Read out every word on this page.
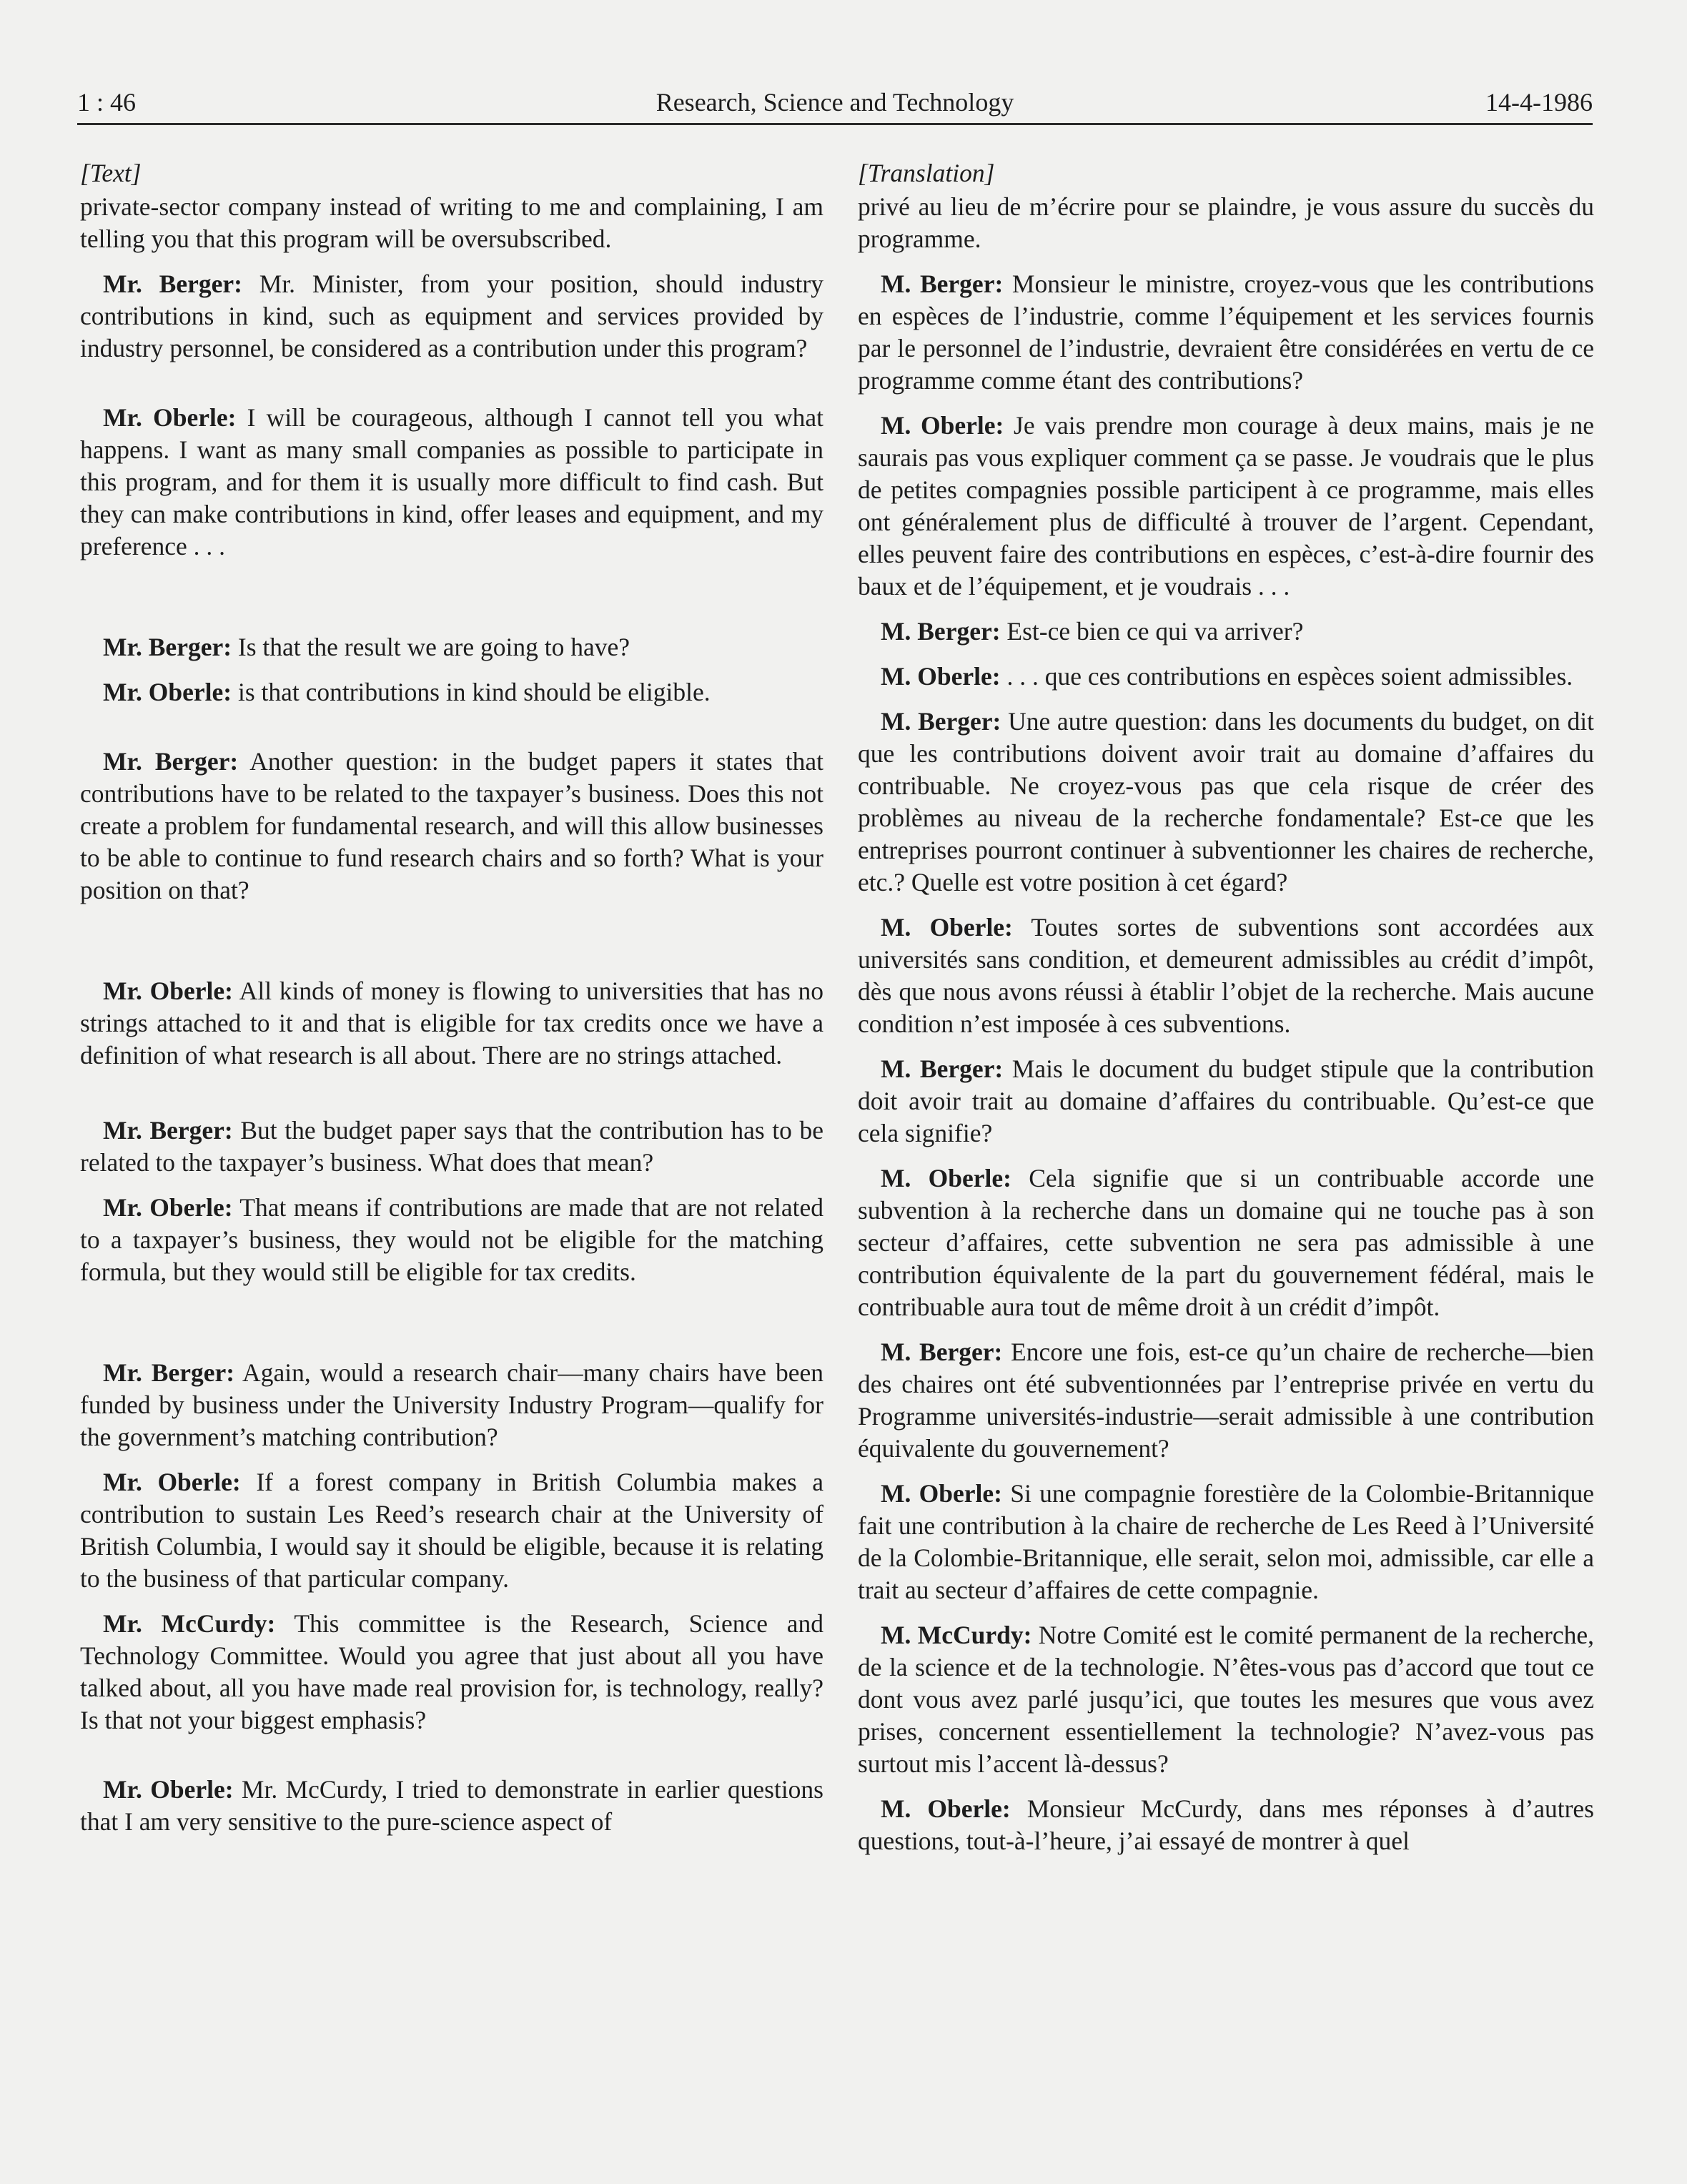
1 : 46	Research, Science and Technology	14-4-1986
[Text]

private-sector company instead of writing to me and complaining, I am telling you that this program will be oversubscribed.

Mr. Berger: Mr. Minister, from your position, should industry contributions in kind, such as equipment and services provided by industry personnel, be considered as a contribution under this program?

Mr. Oberle: I will be courageous, although I cannot tell you what happens. I want as many small companies as possible to participate in this program, and for them it is usually more difficult to find cash. But they can make contributions in kind, offer leases and equipment, and my preference . . .

Mr. Berger: Is that the result we are going to have?

Mr. Oberle: is that contributions in kind should be eligible.

Mr. Berger: Another question: in the budget papers it states that contributions have to be related to the taxpayer’s business. Does this not create a problem for fundamental research, and will this allow businesses to be able to continue to fund research chairs and so forth? What is your position on that?

Mr. Oberle: All kinds of money is flowing to universities that has no strings attached to it and that is eligible for tax credits once we have a definition of what research is all about. There are no strings attached.

Mr. Berger: But the budget paper says that the contribution has to be related to the taxpayer’s business. What does that mean?

Mr. Oberle: That means if contributions are made that are not related to a taxpayer’s business, they would not be eligible for the matching formula, but they would still be eligible for tax credits.

Mr. Berger: Again, would a research chair—many chairs have been funded by business under the University Industry Program—qualify for the government’s matching contribution?

Mr. Oberle: If a forest company in British Columbia makes a contribution to sustain Les Reed’s research chair at the University of British Columbia, I would say it should be eligible, because it is relating to the business of that particular company.

Mr. McCurdy: This committee is the Research, Science and Technology Committee. Would you agree that just about all you have talked about, all you have made real provision for, is technology, really? Is that not your biggest emphasis?

Mr. Oberle: Mr. McCurdy, I tried to demonstrate in earlier questions that I am very sensitive to the pure-science aspect of

[Translation]

privé au lieu de m’écrire pour se plaindre, je vous assure du succès du programme.

M. Berger: Monsieur le ministre, croyez-vous que les contributions en espèces de l’industrie, comme l’équipement et les services fournis par le personnel de l’industrie, devraient être considérées en vertu de ce programme comme étant des contributions?

M. Oberle: Je vais prendre mon courage à deux mains, mais je ne saurais pas vous expliquer comment ça se passe. Je voudrais que le plus de petites compagnies possible participent à ce programme, mais elles ont généralement plus de difficulté à trouver de l’argent. Cependant, elles peuvent faire des contributions en espèces, c’est-à-dire fournir des baux et de l’équipement, et je voudrais . . .

M. Berger: Est-ce bien ce qui va arriver?

M. Oberle: . . . que ces contributions en espèces soient admissibles.

M. Berger: Une autre question: dans les documents du budget, on dit que les contributions doivent avoir trait au domaine d’affaires du contribuable. Ne croyez-vous pas que cela risque de créer des problèmes au niveau de la recherche fondamentale? Est-ce que les entreprises pourront continuer à subventionner les chaires de recherche, etc.? Quelle est votre position à cet égard?

M. Oberle: Toutes sortes de subventions sont accordées aux universités sans condition, et demeurent admissibles au crédit d’impôt, dès que nous avons réussi à établir l’objet de la recherche. Mais aucune condition n’est imposée à ces subventions.

M. Berger: Mais le document du budget stipule que la contribution doit avoir trait au domaine d’affaires du contribuable. Qu’est-ce que cela signifie?

M. Oberle: Cela signifie que si un contribuable accorde une subvention à la recherche dans un domaine qui ne touche pas à son secteur d’affaires, cette subvention ne sera pas admissible à une contribution équivalente de la part du gouvernement fédéral, mais le contribuable aura tout de même droit à un crédit d’impôt.

M. Berger: Encore une fois, est-ce qu’un chaire de recherche—bien des chaires ont été subventionnées par l’entreprise privée en vertu du Programme universités-industrie—serait admissible à une contribution équivalente du gouvernement?

M. Oberle: Si une compagnie forestière de la Colombie-Britannique fait une contribution à la chaire de recherche de Les Reed à l’Université de la Colombie-Britannique, elle serait, selon moi, admissible, car elle a trait au secteur d’affaires de cette compagnie.

M. McCurdy: Notre Comité est le comité permanent de la recherche, de la science et de la technologie. N’êtes-vous pas d’accord que tout ce dont vous avez parlé jusqu’ici, que toutes les mesures que vous avez prises, concernent essentiellement la technologie? N’avez-vous pas surtout mis l’accent là-dessus?

M. Oberle: Monsieur McCurdy, dans mes réponses à d’autres questions, tout-à-l’heure, j’ai essayé de montrer à quel
